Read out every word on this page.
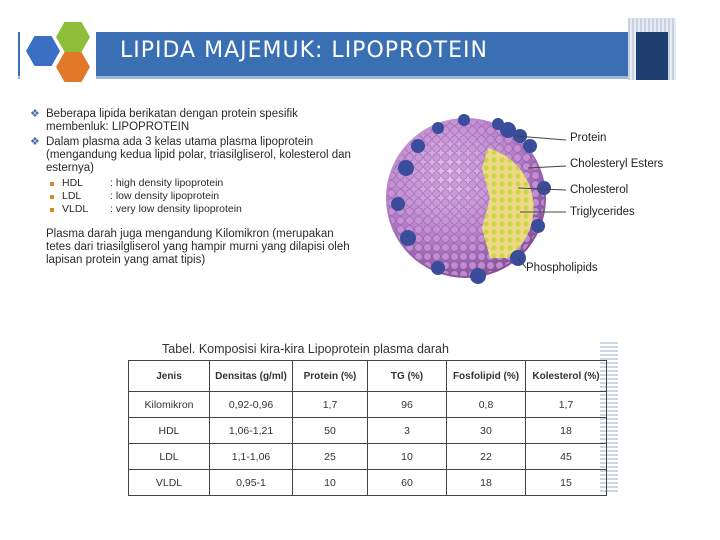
LIPIDA MAJEMUK: LIPOPROTEIN
❖ Beberapa lipida berikatan dengan protein spesifik membenluk: LIPOPROTEIN
❖ Dalam plasma ada 3 kelas utama plasma lipoprotein (mengandung kedua lipid polar, triasilgliserol, kolesterol dan esternya)
HDL	: high density lipoprotein
LDL	: low density lipoprotein
VLDL : very low density lipoprotein
Plasma darah juga mengandung Kilomikron (merupakan tetes dari triasilgliserol yang hampir murni yang dilapisi oleh lapisan protein yang amat tipis)
Protein
Cholesteryl Esters
Cholesterol
Triglycerides
Phospholipids
Tabel. Komposisi kira-kira Lipoprotein plasma darah
Jenis	Densitas (g/ml)	Protein (%)	TG (%)	Fosfolipid (%)	Kolesterol (%)
Kilomikron	0,92-0,96	1,7	96	0,8	1,7
HDL	1,06-1,21	50	3	30	18
LDL	1,1-1,06	25	10	22	45
VLDL	0,95-1	10	60	18	15
